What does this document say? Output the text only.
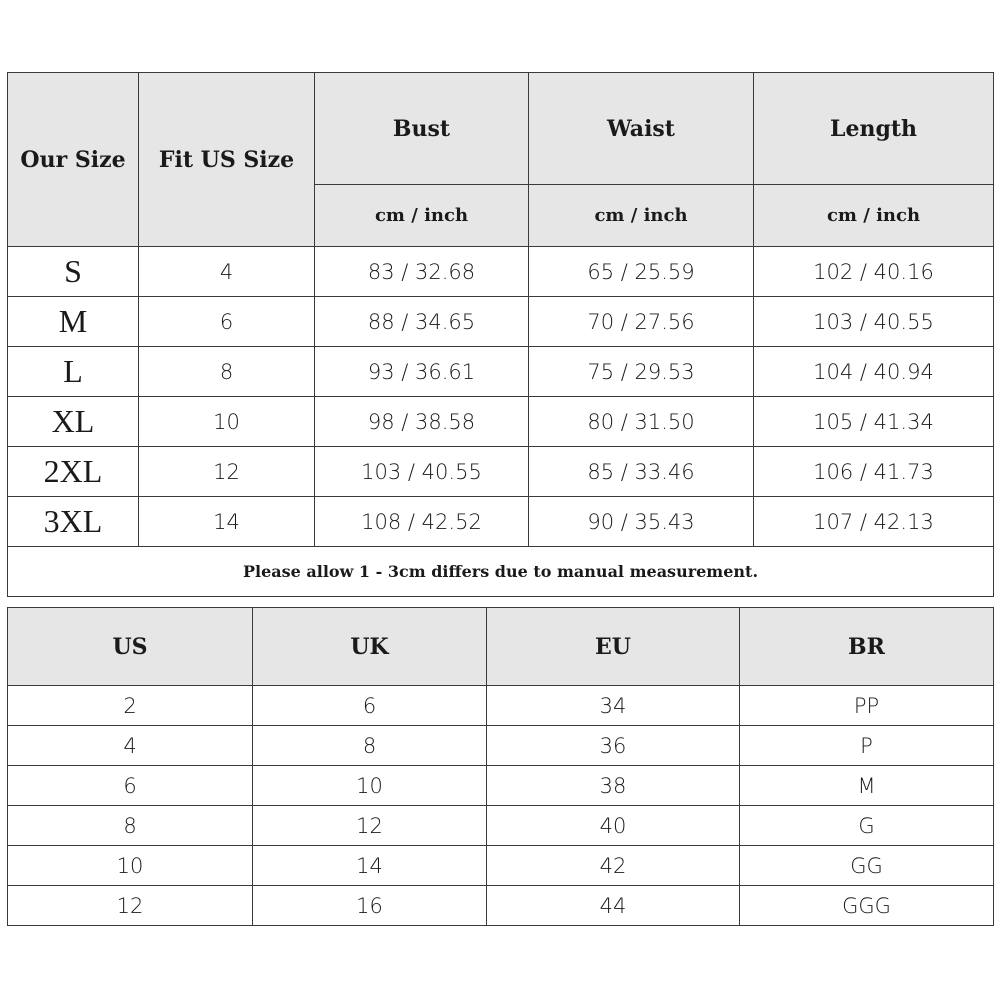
Our Size	Fit US Size	Bust	Waist	Length
		cm / inch	cm / inch	cm / inch
S	4	83 / 32.68	65 / 25.59	102 / 40.16
M	6	88 / 34.65	70 / 27.56	103 / 40.55
L	8	93 / 36.61	75 / 29.53	104 / 40.94
XL	10	98 / 38.58	80 / 31.50	105 / 41.34
2XL	12	103 / 40.55	85 / 33.46	106 / 41.73
3XL	14	108 / 42.52	90 / 35.43	107 / 42.13
Please allow 1 - 3cm differs due to manual measurement.				
US	UK	EU	BR
2	6	34	PP
4	8	36	P
6	10	38	M
8	12	40	G
10	14	42	GG
12	16	44	GGG
